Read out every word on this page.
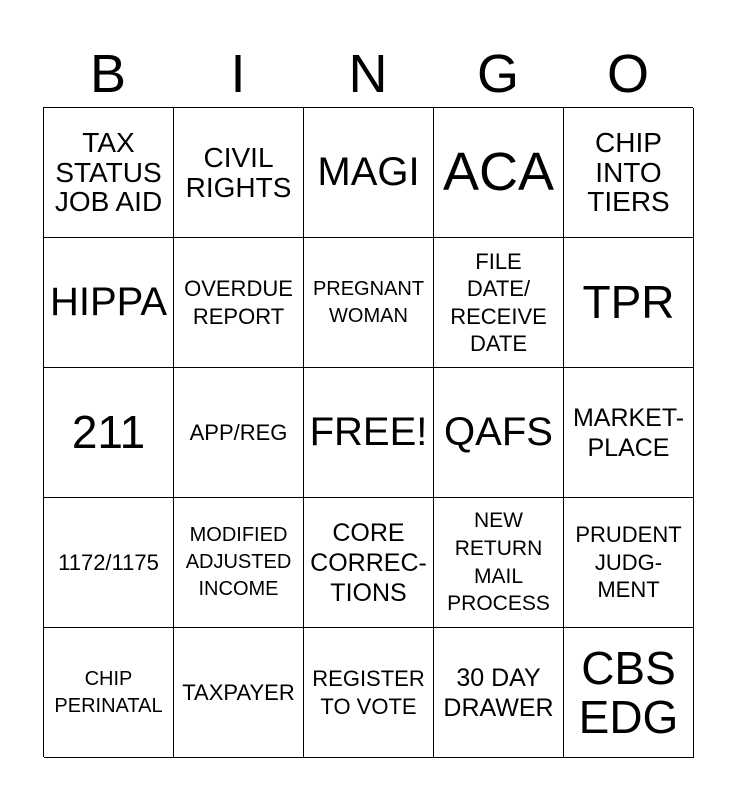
B	I	N	G	O
TAX
STATUS
JOB AID
CIVIL
RIGHTS MAGI ACA
CHIP
INTO
TIERS
HIPPA OVERDUE
REPORT
PREGNANT
WOMAN
FILE
DATE/
RECEIVE
DATE
TPR
211	APP/REG FREE! QAFS MARKET-
PLACE
1172/1175
MODIFIED
ADJUSTED
INCOME
CORE
CORREC-
TIONS
NEW
RETURN
MAIL
PROCESS
PRUDENT
JUDG-
MENT
CHIP
PERINATAL
TAXPAYER
REGISTER
TO VOTE
30 DAY
DRAWER
CBS
EDG
